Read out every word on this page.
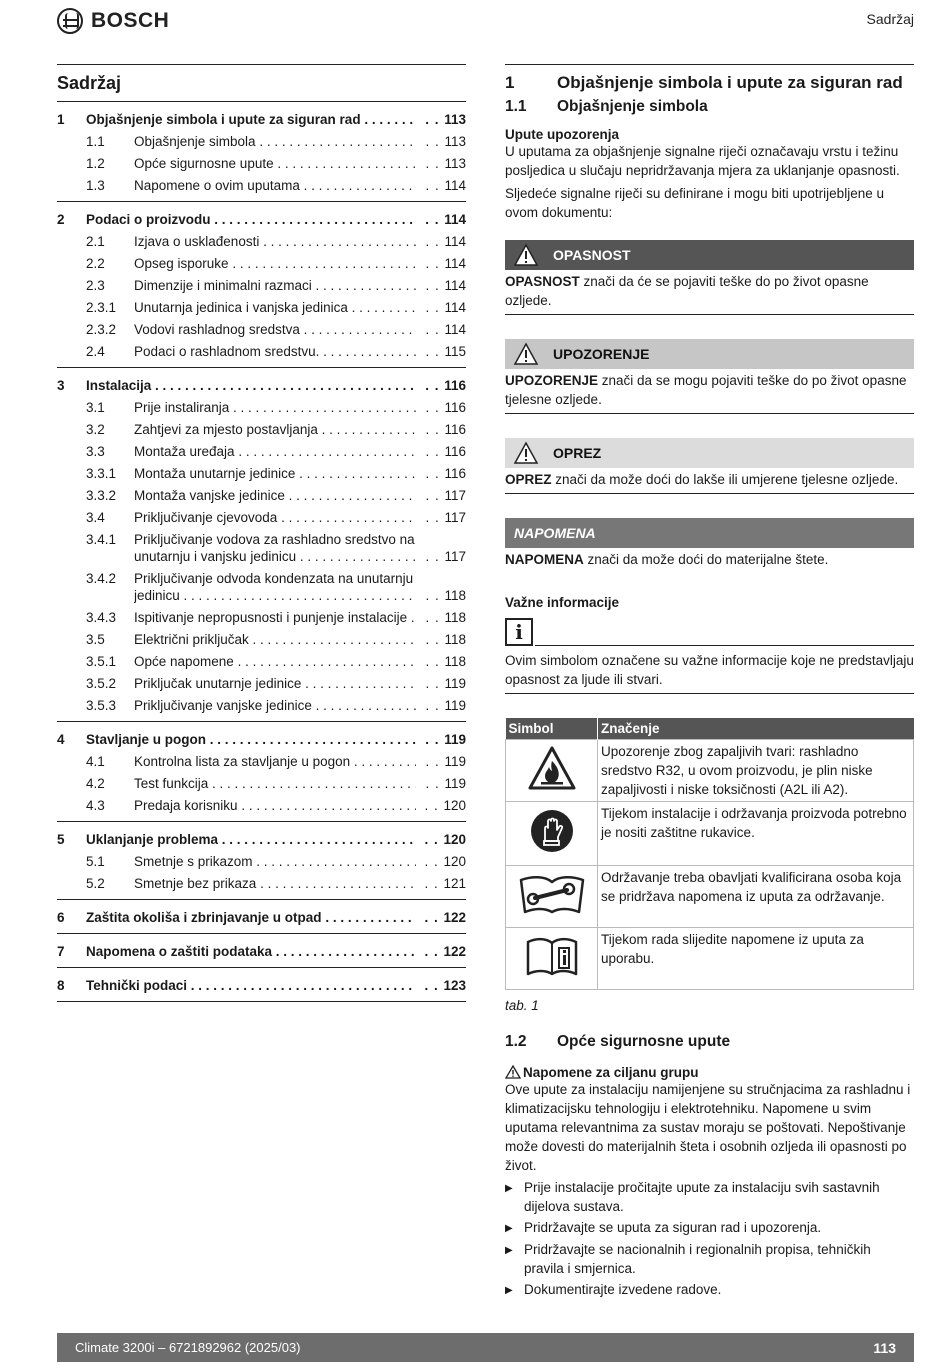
BOSCH	Sadržaj
Sadržaj
1	Objašnjenje simbola i upute za siguran rad . . .	. . 113
1.1	Objašnjenje simbola . . .	. . 113
1.2	Opće sigurnosne upute . . .	. . 113
1.3	Napomene o ovim uputama . . .	. . 114
2	Podaci o proizvodu . . .	. . 114
2.1	Izjava o usklađenosti . . .	. . 114
2.2	Opseg isporuke . . .	. . 114
2.3	Dimenzije i minimalni razmaci . . .	. . 114
2.3.1	Unutarnja jedinica i vanjska jedinica . . .	. . 114
2.3.2	Vodovi rashladnog sredstva . . .	. . 114
2.4	Podaci o rashladnom sredstvu. . . .	. . 115
3	Instalacija . . .	. . 116
3.1	Prije instaliranja . . .	. . 116
3.2	Zahtjevi za mjesto postavljanja . . .	. . 116
3.3	Montaža uređaja . . .	. . 116
3.3.1	Montaža unutarnje jedinice . . .	. . 116
3.3.2	Montaža vanjske jedinice . . .	. . 117
3.4	Priključivanje cjevovoda . . .	. . 117
3.4.1	Priključivanje vodova za rashladno sredstvo na
unutarnju i vanjsku jedinicu . . .	. . 117
3.4.2	Priključivanje odvoda kondenzata na unutarnju
jedinicu . . .	. . 118
3.4.3	Ispitivanje nepropusnosti i punjenje instalacije . . .	. . 118
3.5	Električni priključak . . .	. . 118
3.5.1	Opće napomene . . .	. . 118
3.5.2	Priključak unutarnje jedinice . . .	. . 119
3.5.3	Priključivanje vanjske jedinice . . .	. . 119
4	Stavljanje u pogon . . .	. . 119
4.1	Kontrolna lista za stavljanje u pogon . . .	. . 119
4.2	Test funkcija . . .	. . 119
4.3	Predaja korisniku . . .	. . 120
5	Uklanjanje problema . . .	. . 120
5.1	Smetnje s prikazom . . .	. . 120
5.2	Smetnje bez prikaza . . .	. . 121
6	Zaštita okoliša i zbrinjavanje u otpad . . .	. . 122
7	Napomena o zaštiti podataka . . .	. . 122
8	Tehnički podaci . . .	. . 123
1	Objašnjenje simbola i upute za siguran rad
1.1	Objašnjenje simbola
Upute upozorenja

U uputama za objašnjenje signalne riječi označavaju vrstu i težinu posljedica u slučaju nepridržavanja mjera za uklanjanje opasnosti.

Sljedeće signalne riječi su definirane i mogu biti upotrijebljene u ovom dokumentu:

OPASNOST
OPASNOST znači da će se pojaviti teške do po život opasne ozljede.
UPOZORENJE
UPOZORENJE znači da se mogu pojaviti teške do po život opasne tjelesne ozljede.
OPREZ
OPREZ znači da može doći do lakše ili umjerene tjelesne ozljede.
NAPOMENA
NAPOMENA znači da može doći do materijalne štete.
Važne informacije
i
Ovim simbolom označene su važne informacije koje ne predstavljaju opasnost za ljude ili stvari.
Simbol	Značenje
	Upozorenje zbog zapaljivih tvari: rashladno sredstvo R32, u ovom proizvodu, je plin niske zapaljivosti i niske toksičnosti (A2L ili A2).
	Tijekom instalacije i održavanja proizvoda potrebno je nositi zaštitne rukavice.
	Održavanje treba obavljati kvalificirana osoba koja se pridržava napomena iz uputa za održavanje.
	Tijekom rada slijedite napomene iz uputa za uporabu.
tab. 1
1.2	Opće sigurnosne upute
Napomene za ciljanu grupu

Ove upute za instalaciju namijenjene su stručnjacima za rashladnu i klimatizacijsku tehnologiju i elektrotehniku. Napomene u svim uputama relevantnima za sustav moraju se poštovati. Nepoštivanje može dovesti do materijalnih šteta i osobnih ozljeda ili opasnosti po život.

▶ Prije instalacije pročitajte upute za instalaciju svih sastavnih dijelova sustava.
▶ Pridržavajte se uputa za siguran rad i upozorenja.
▶ Pridržavajte se nacionalnih i regionalnih propisa, tehničkih pravila i smjernica.
▶ Dokumentirajte izvedene radove.
Climate 3200i – 6721892962 (2025/03)	113
